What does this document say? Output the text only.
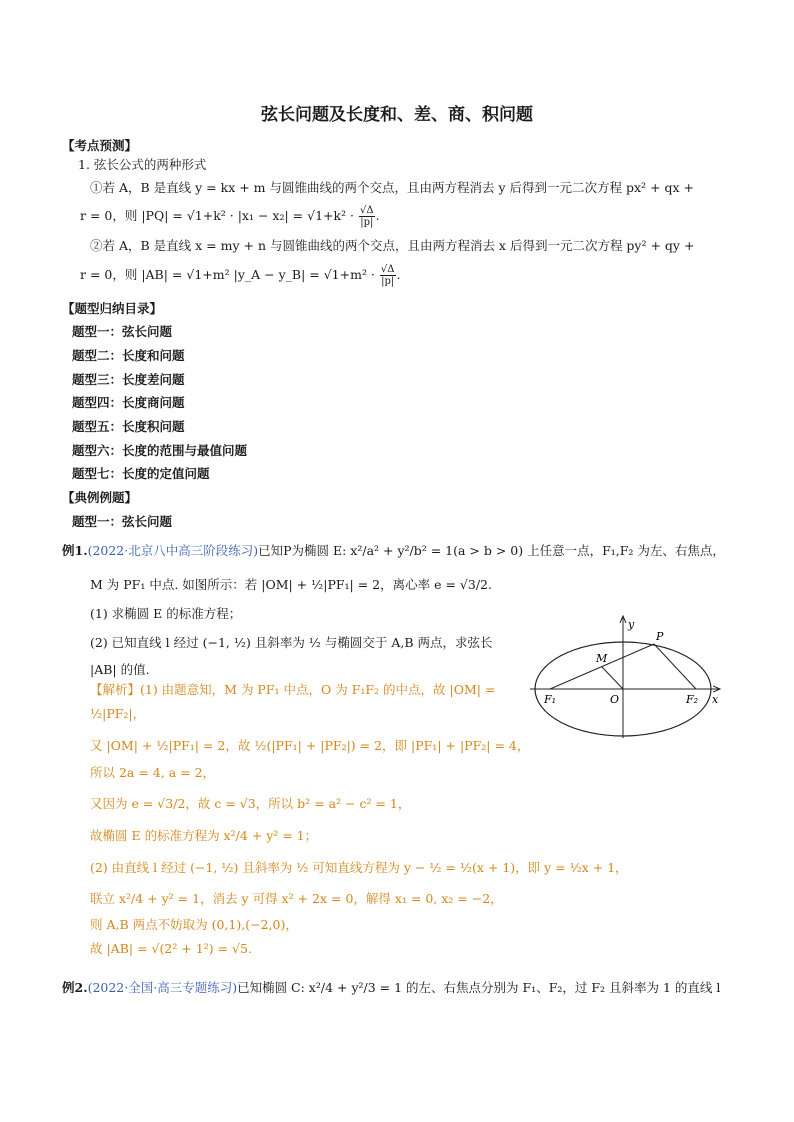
弦长问题及长度和、差、商、积问题
【考点预测】
1. 弦长公式的两种形式
①若 A，B 是直线 y = kx + m 与圆锥曲线的两个交点，且由两方程消去 y 后得到一元二次方程 px² + qx +
r = 0，则 $|PQ| = √1+k^2 \cdot |x_1 - x_2| = √1+k^2 \cdot \frac{√\Delta}{|p|}$ .
②若 A，B 是直线 x = my + n 与圆锥曲线的两个交点，且由两方程消去 x 后得到一元二次方程 py² + qy +
r = 0，则 |AB| = √1+m² |y_A − y_B| = $√1+m^2 \cdot \frac{√\Delta}{|p|}$ .
【题型归纳目录】
题型一：弦长问题
题型二：长度和问题
题型三：长度差问题
题型四：长度商问题
题型五：长度积问题
题型六：长度的范围与最值问题
题型七：长度的定值问题
【典例例题】
题型一：弦长问题
例1.(2022·北京八中高三阶段练习)已知P为椭圆 E: x²/a² + y²/b² = 1(a > b > 0) 上任意一点，F₁,F₂ 为左、右焦点，
M 为 PF₁ 中点. 如图所示：若 |OM| + ½|PF₁| = 2，离心率 e = √3/2.
(1) 求椭圆 E 的标准方程；
(2) 已知直线 l 经过 (−1, ½) 且斜率为 ½ 与椭圆交于 A,B 两点，求弦长
|AB| 的值.
【解析】(1) 由题意知，M 为 PF₁ 中点，O 为 F₁F₂ 的中点，故 |OM| =
½|PF₂|，
又 |OM| + ½|PF₁| = 2，故 ½(|PF₁| + |PF₂|) = 2，即 |PF₁| + |PF₂| = 4，
所以 2a = 4, a = 2，
又因为 e = √3/2，故 c = √3，所以 b² = a² − c² = 1，
故椭圆 E 的标准方程为 x²/4 + y² = 1；
(2) 由直线 l 经过 (−1, ½) 且斜率为 ½ 可知直线方程为 y − ½ = ½(x + 1)，即 y = ½x + 1，
联立 x²/4 + y² = 1，消去 y 可得 x² + 2x = 0，解得 x₁ = 0, x₂ = −2，
则 A,B 两点不妨取为 (0,1),(−2,0)，
故 |AB| = √(2² + 1²) = √5.
y
x
P
M
O
F₁	F₂
例2.(2022·全国·高三专题练习)已知椭圆 C: x²/4 + y²/3 = 1 的左、右焦点分别为 F₁、F₂，过 F₂ 且斜率为 1 的直线 l
